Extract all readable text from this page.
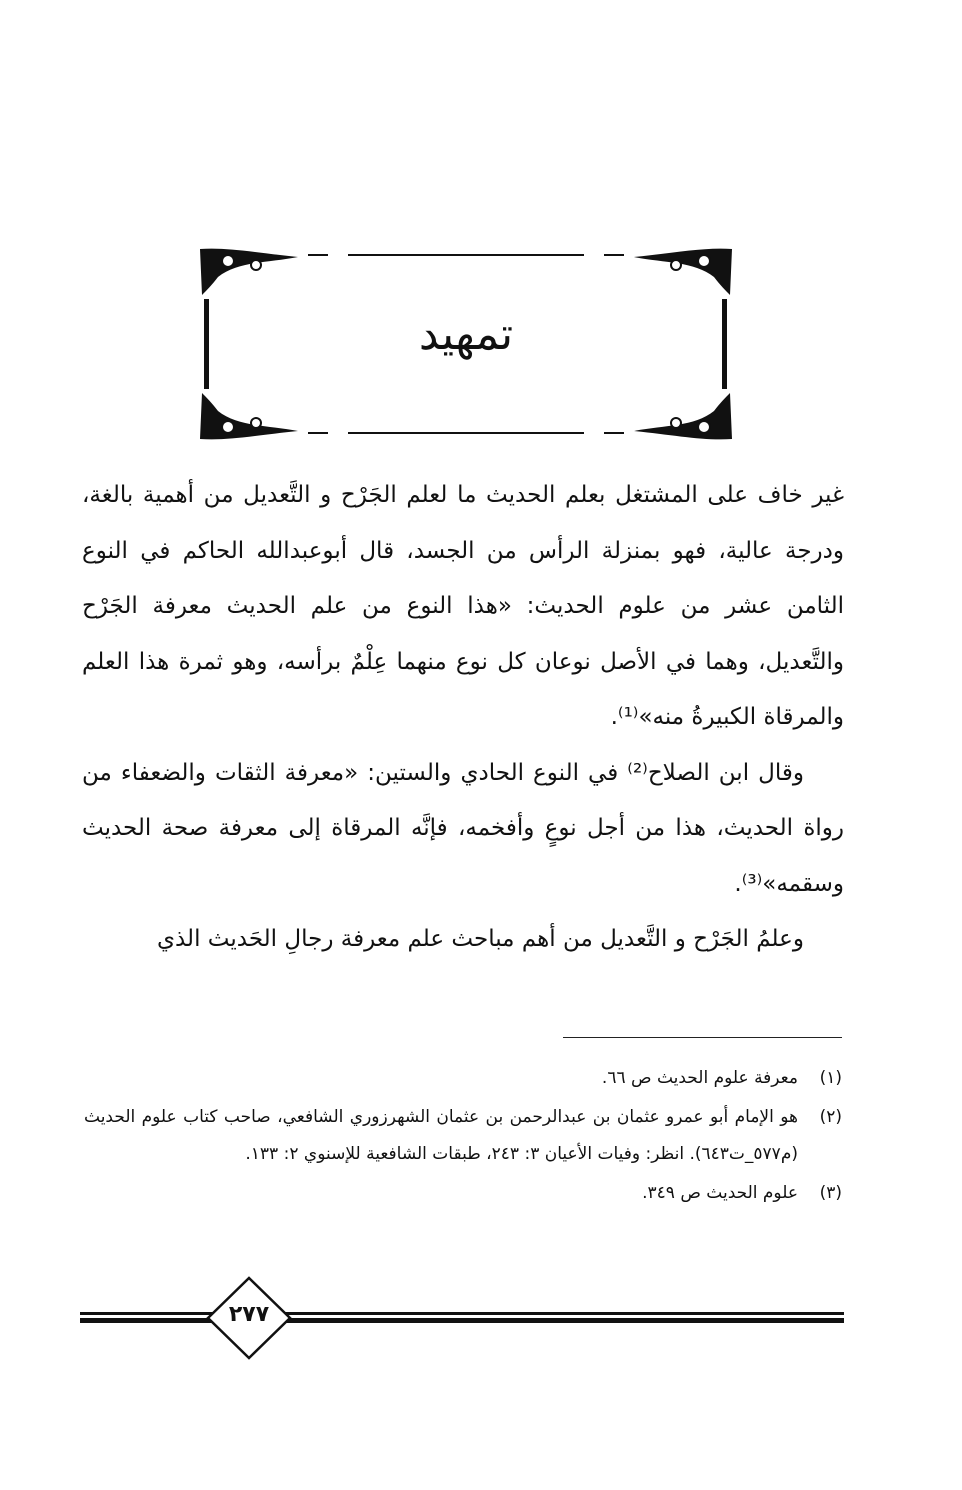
تمهيد

غير خاف على المشتغل بعلم الحديث ما لعلم الجَرْح و التَّعديل من أهمية بالغة، ودرجة عالية، فهو بمنزلة الرأس من الجسد، قال أبوعبدالله الحاكم في النوع الثامن عشر من علوم الحديث: «هذا النوع من علم الحديث معرفة الجَرْح والتَّعديل، وهما في الأصل نوعان كل نوع منهما عِلْمٌ برأسه، وهو ثمرة هذا العلم والمرقاة الكبيرةُ منه»⁽¹⁾.

وقال ابن الصلاح⁽²⁾ في النوع الحادي والستين: «معرفة الثقات والضعفاء من رواة الحديث، هذا من أجل نوعٍ وأفخمه، فإنَّه المرقاة إلى معرفة صحة الحديث وسقمه»⁽³⁾.

وعلمُ الجَرْح و التَّعديل من أهم مباحث علم معرفة رجالِ الحَديث الذي

(١)
معرفة علوم الحديث ص ٦٦.
(٢)
هو الإمام أبو عمرو عثمان بن عبدالرحمن بن عثمان الشهرزوري الشافعي، صاحب كتاب علوم الحديث (م٥٧٧_ت٦٤٣). انظر: وفيات الأعيان ٣: ٢٤٣، طبقات الشافعية للإسنوي ٢: ١٣٣.
(٣)
علوم الحديث ص ٣٤٩.
٢٧٧
